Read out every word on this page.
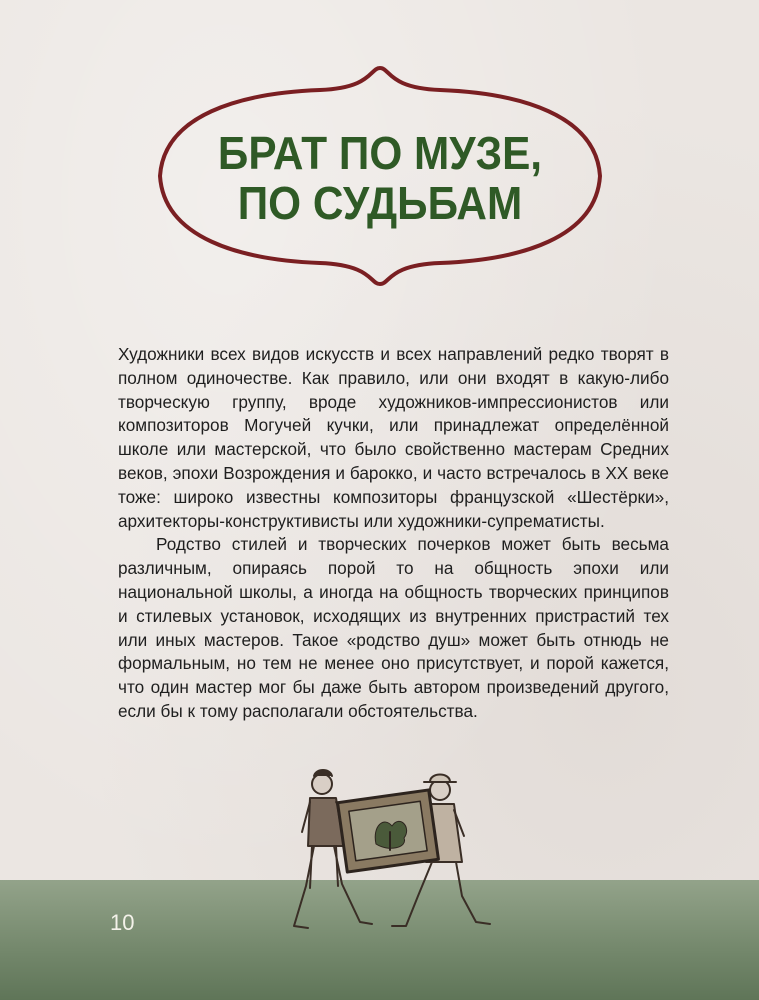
БРАТ ПО МУЗЕ,
ПО СУДЬБАМ

Художники всех видов искусств и всех направлений редко творят в полном одиночестве. Как правило, или они входят в какую-либо творческую группу, вроде художников-импрессионистов или композиторов Могучей кучки, или принадлежат определённой школе или мастерской, что было свойственно мастерам Средних веков, эпохи Возрождения и барокко, и часто встречалось в XX веке тоже: широко известны композиторы французской «Шестёрки», архитекторы-конструктивисты или художники-супрематисты.

Родство стилей и творческих почерков может быть весьма различным, опираясь порой то на общность эпохи или национальной школы, а иногда на общность творческих принципов и стилевых установок, исходящих из внутренних пристрастий тех или иных мастеров. Такое «родство душ» может быть отнюдь не формальным, но тем не менее оно присутствует, и порой кажется, что один мастер мог бы даже быть автором произведений другого, если бы к тому располагали обстоятельства.

10
